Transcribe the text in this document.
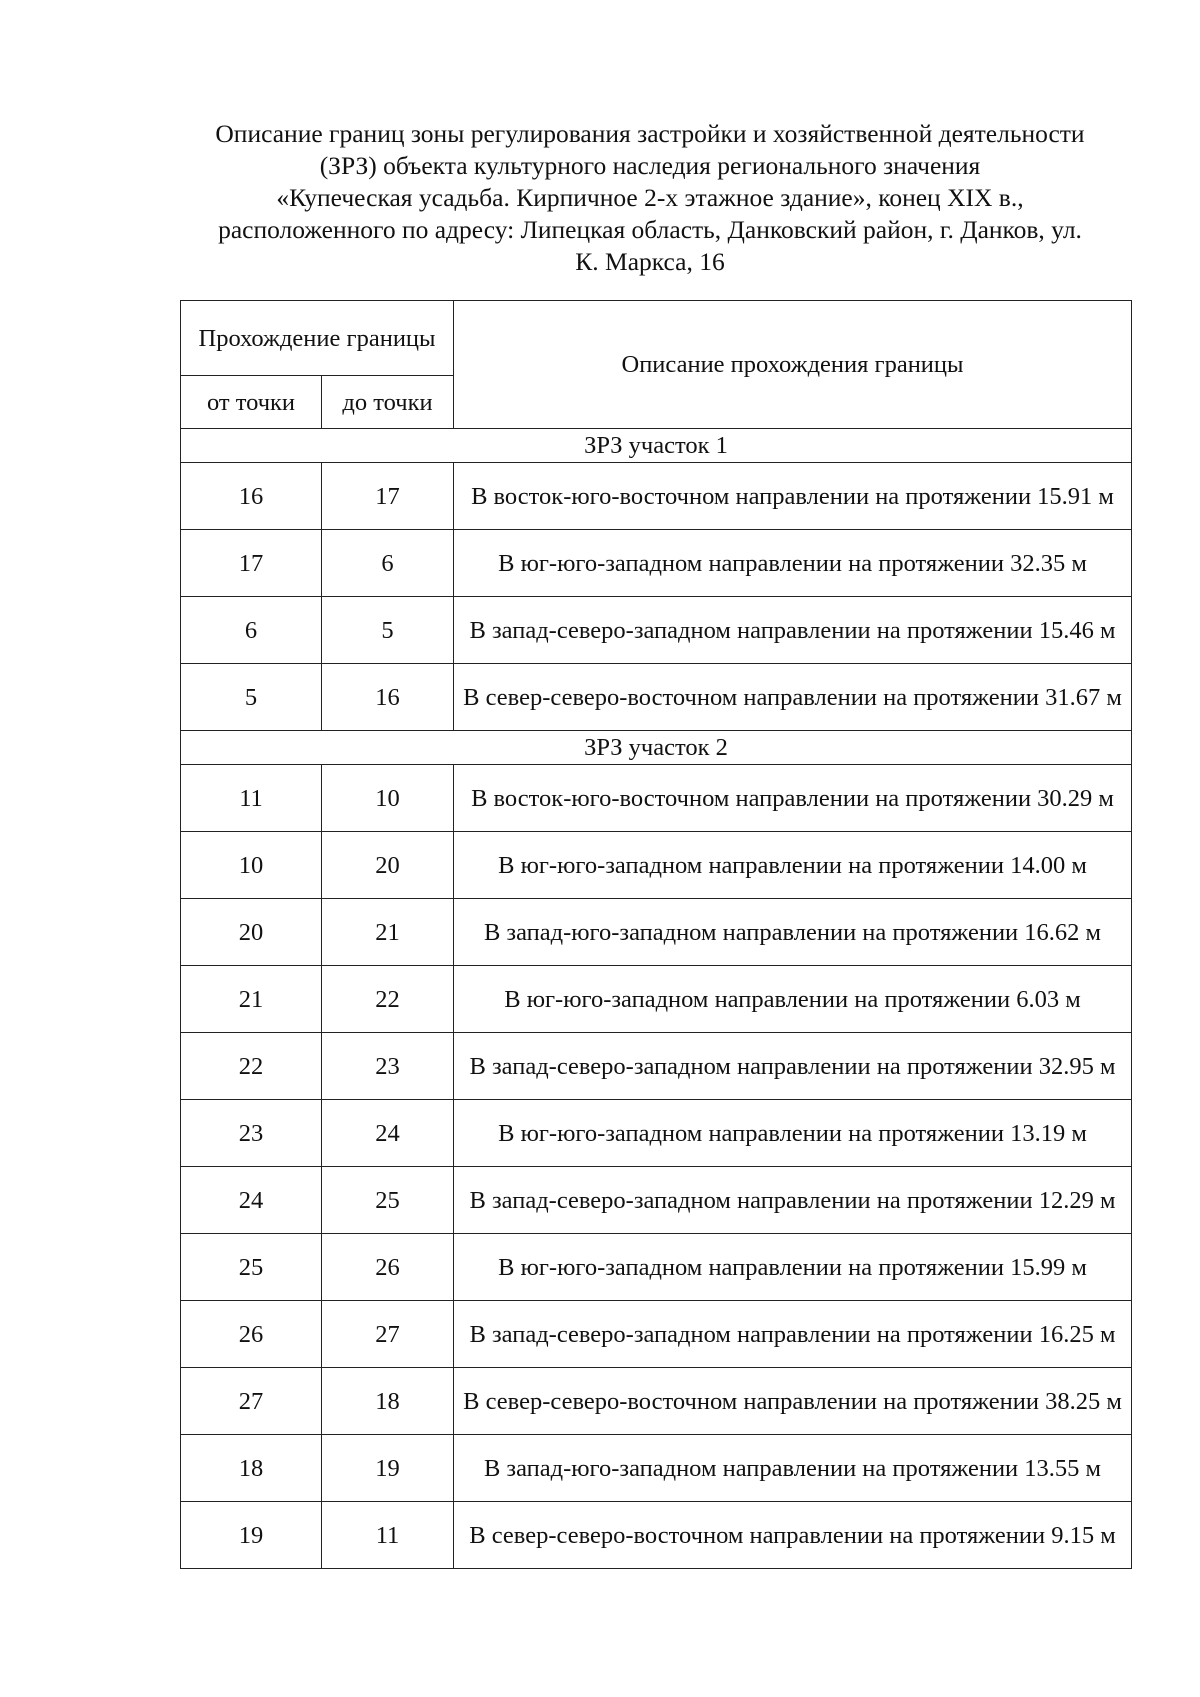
Описание границ зоны регулирования застройки и хозяйственной деятельности
(ЗРЗ) объекта культурного наследия регионального значения
«Купеческая усадьба. Кирпичное 2-х этажное здание», конец XIX в.,
расположенного по адресу: Липецкая область, Данковский район, г. Данков, ул.
К. Маркса, 16
Прохождение границы		Описание прохождения границы
от точки	до точки	
ЗРЗ участок 1		
16	17	В восток-юго-восточном направлении на протяжении 15.91 м
17	6	В юг-юго-западном направлении на протяжении 32.35 м
6	5	В запад-северо-западном направлении на протяжении 15.46 м
5	16	В север-северо-восточном направлении на протяжении 31.67 м
ЗРЗ участок 2		
11	10	В восток-юго-восточном направлении на протяжении 30.29 м
10	20	В юг-юго-западном направлении на протяжении 14.00 м
20	21	В запад-юго-западном направлении на протяжении 16.62 м
21	22	В юг-юго-западном направлении на протяжении 6.03 м
22	23	В запад-северо-западном направлении на протяжении 32.95 м
23	24	В юг-юго-западном направлении на протяжении 13.19 м
24	25	В запад-северо-западном направлении на протяжении 12.29 м
25	26	В юг-юго-западном направлении на протяжении 15.99 м
26	27	В запад-северо-западном направлении на протяжении 16.25 м
27	18	В север-северо-восточном направлении на протяжении 38.25 м
18	19	В запад-юго-западном направлении на протяжении 13.55 м
19	11	В север-северо-восточном направлении на протяжении 9.15 м
